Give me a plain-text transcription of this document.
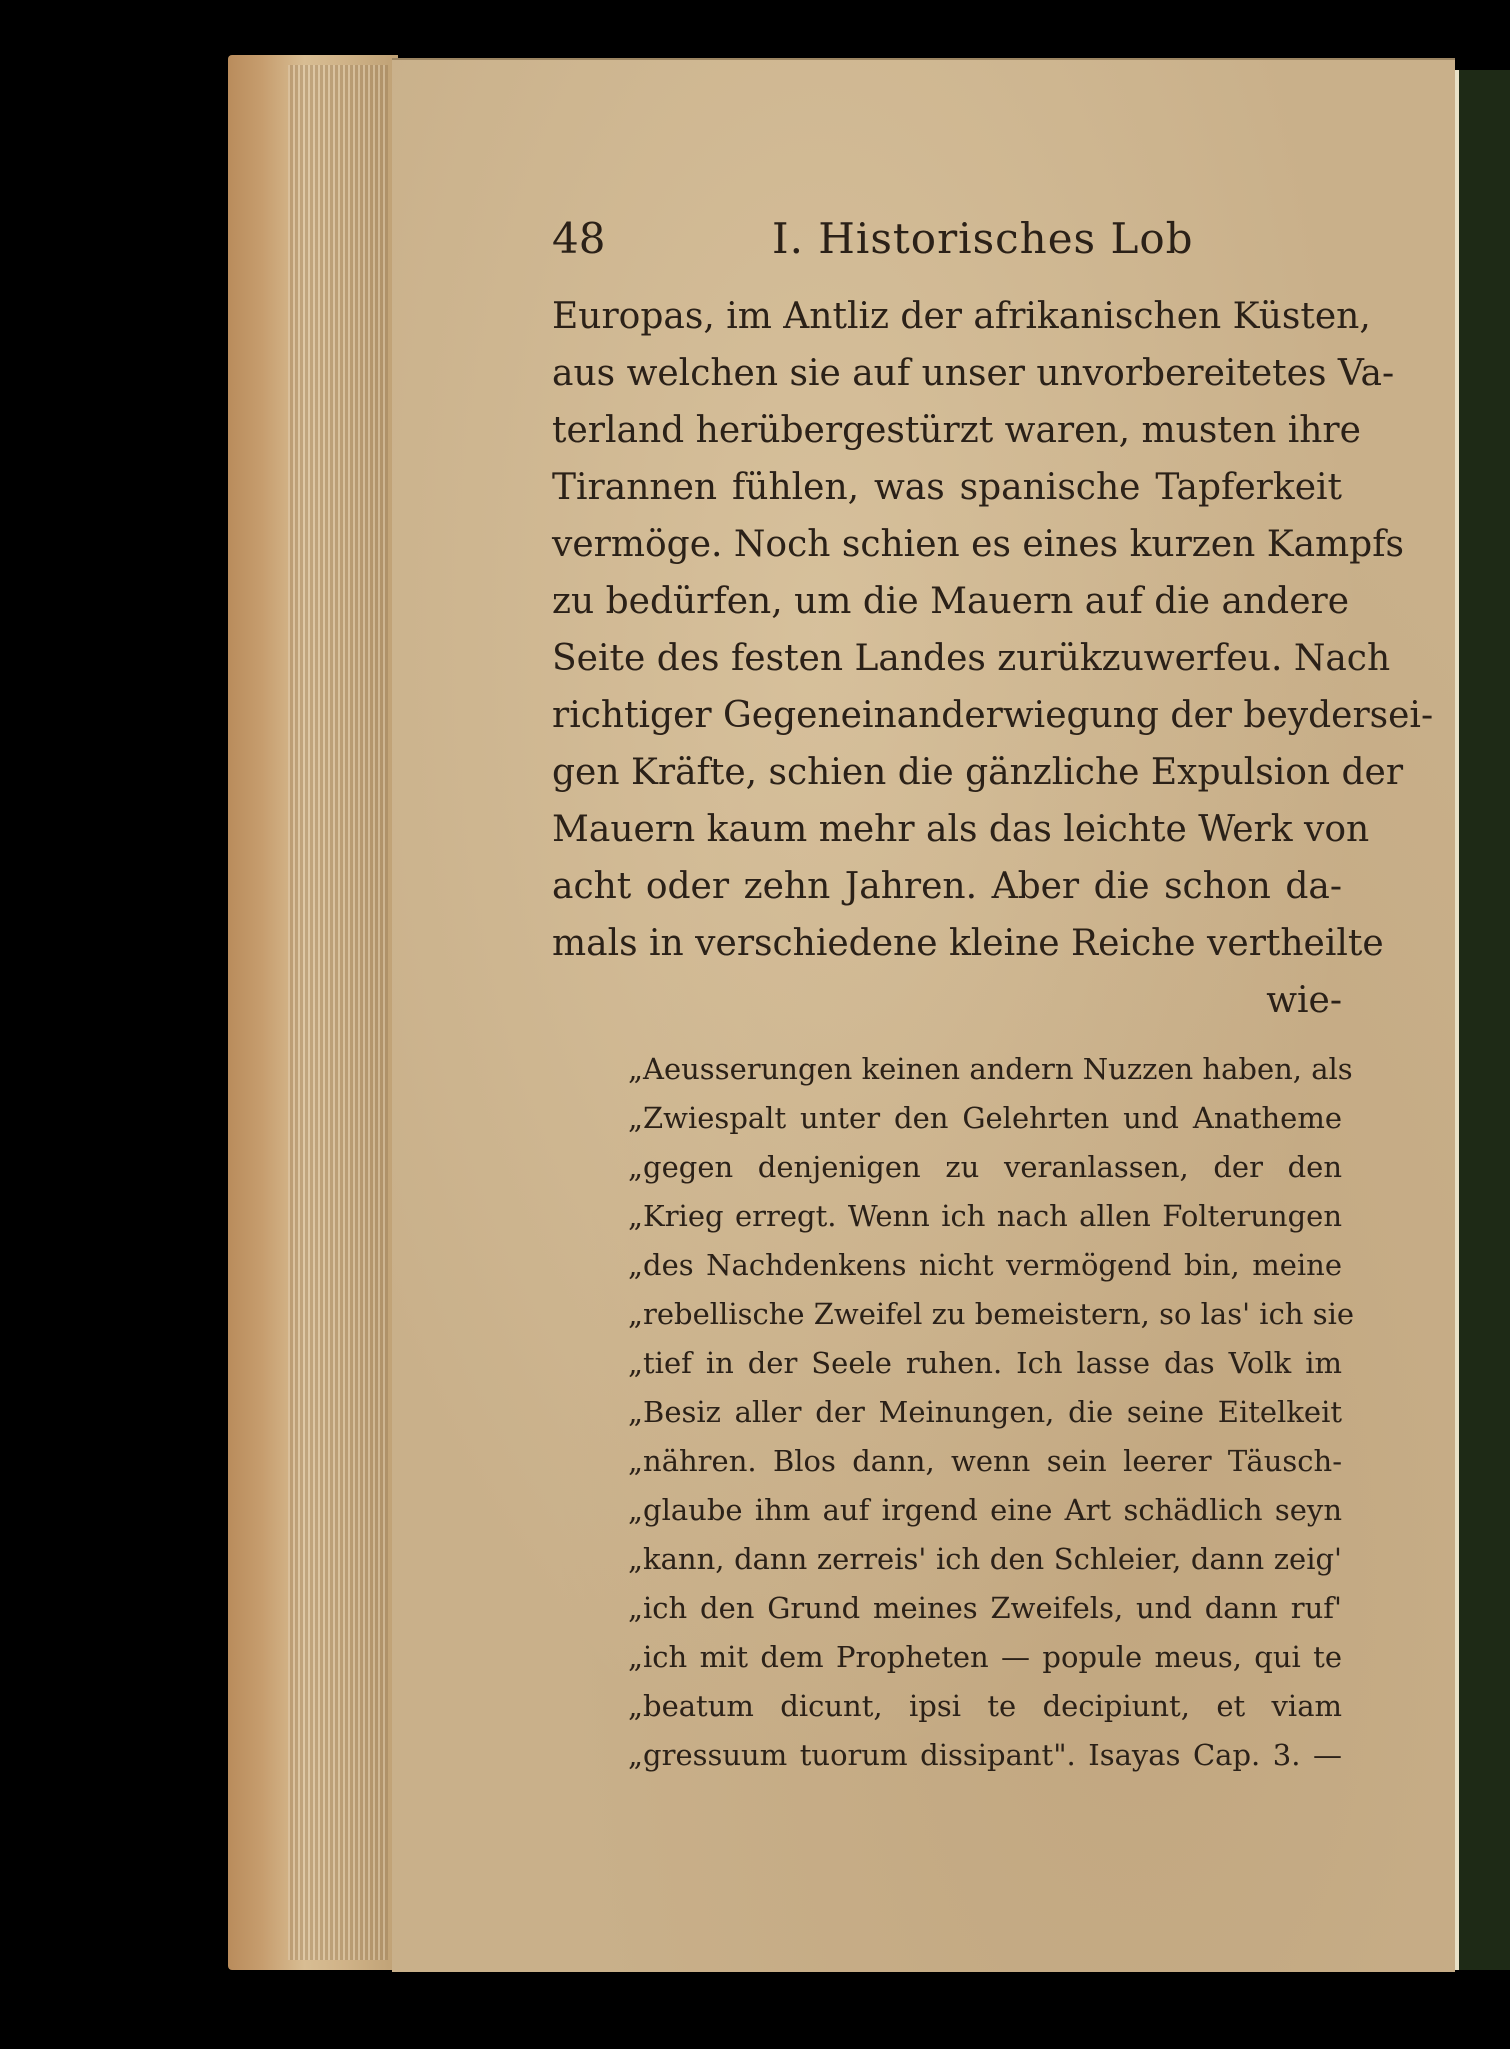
48	I. Historisches Lob
Europas, im Antliz der afrikanischen Küsten,
aus welchen sie auf unser unvorbereitetes Va-
terland herübergestürzt waren, musten ihre
Tirannen fühlen, was spanische Tapferkeit
vermöge. Noch schien es eines kurzen Kampfs
zu bedürfen, um die Mauern auf die andere
Seite des festen Landes zurükzuwerfeu. Nach
richtiger Gegeneinanderwiegung der beydersei-
gen Kräfte, schien die gänzliche Expulsion der
Mauern kaum mehr als das leichte Werk von
acht oder zehn Jahren. Aber die schon da-
mals in verschiedene kleine Reiche vertheilte
wie-
„Aeusserungen keinen andern Nuzzen haben, als
„Zwiespalt unter den Gelehrten und Anatheme
„gegen denjenigen zu veranlassen, der den
„Krieg erregt. Wenn ich nach allen Folterungen
„des Nachdenkens nicht vermögend bin, meine
„rebellische Zweifel zu bemeistern, so las' ich sie
„tief in der Seele ruhen. Ich lasse das Volk im
„Besiz aller der Meinungen, die seine Eitelkeit
„nähren. Blos dann, wenn sein leerer Täusch-
„glaube ihm auf irgend eine Art schädlich seyn
„kann, dann zerreis' ich den Schleier, dann zeig'
„ich den Grund meines Zweifels, und dann ruf'
„ich mit dem Propheten — popule meus, qui te
„beatum dicunt, ipsi te decipiunt, et viam
„gressuum tuorum dissipant". Isayas Cap. 3. —
